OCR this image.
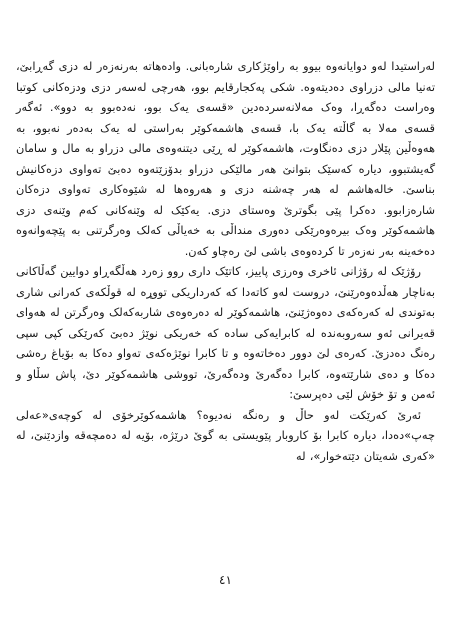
لەراستیدا لەو دوایانەوە بیوو بە راوێژکاری شارەبانی. وادەهاتە بەرنەزەر لە دزی گەڕابێ، تەنیا مالی دزراوی دەدیتەوە. شکی پەکجارقایم بوو، هەرچی لەسەر دزی ودزەکانی کوتبا وەراست دەگەڕا، وەک مەلانەسردەدین «قسەی یەک بوو، نەدەبوو بە دوو». ئەگەر قسەی مەلا بە گاڵتە یەک با، قسەی هاشمەکوێر بەراستی لە یەک بەدەر نەبوو، بە هەوەڵین پێلار دزی دەنگاوت، هاشمەکوێر لە ڕێی دیتنەوەی مالی دزراو بە مال و سامان گەیشتبوو، دیارە کەسێک بتوانێ هەر مالێکی دزراو بدۆزێتەوە دەبێ تەواوی دزەکانیش بناسێ. خالەهاشم لە هەر چەشنە دزی و هەروەها لە شێوەکاری تەواوی دزەکان شارەزابوو. دەکرا پێی بگوترێ وەستای دزی. یەکێک لە وێنەکانی کەم وێنەی دزی هاشمەکوێر وەک بیرەوەرێکی دەوری منداڵی بە خەیاڵی کەلک وەرگرتنی بە پێچەوانەوە دەخەینە بەر نەزەر تا کردەوەی باشی لێ رەچاو کەن.

رۆژێک لە رۆژانی ئاخری وەرزی پاییز، کاتێک داری روو زەرد هەڵگەڕاو دوایین گەڵاکانی بەناچار هەڵدەوەرێنێ، دروست لەو کاتەدا کە کەرداریکی تووړە لە قوڵکەی کەرانی شاری بەتوندی لە کەرەکەی دەوەژێنێ، هاشمەکوێر لە دەرەوەی شاربەکەلک وەرگرتن لە هەوای قەیرانی ئەو سەروبەندە لە کابرایەکی سادە کە خەریکی نوێژ دەبێ کەرێکی کپی سپی رەنگ دەدزێ. کەرەی لێ دوور دەخاتەوە و تا کابرا نوێژەکەی تەواو دەکا بە بۆیاغ رەشی دەکا و دەی شارێتەوە، کابرا دەگەرێ ودەگەرێ، تووشی هاشمەکوێر دێ، پاش سڵاو و ئەمن و تۆ خۆش لێی دەپرسێ:

ئەرێ کەرێکت لەو حاڵ و رەنگە نەدیوە؟ هاشمەکوێرخۆی لە کوچەی«عەلی چەپ»دەدا، دیارە کابرا بۆ کاروبار پێویستی بە گوێ درێژە، بۆیە لە دەمچەقە وازدێنێ، لە «کەری شەیتان دێتەخوار»، لە

٤١
